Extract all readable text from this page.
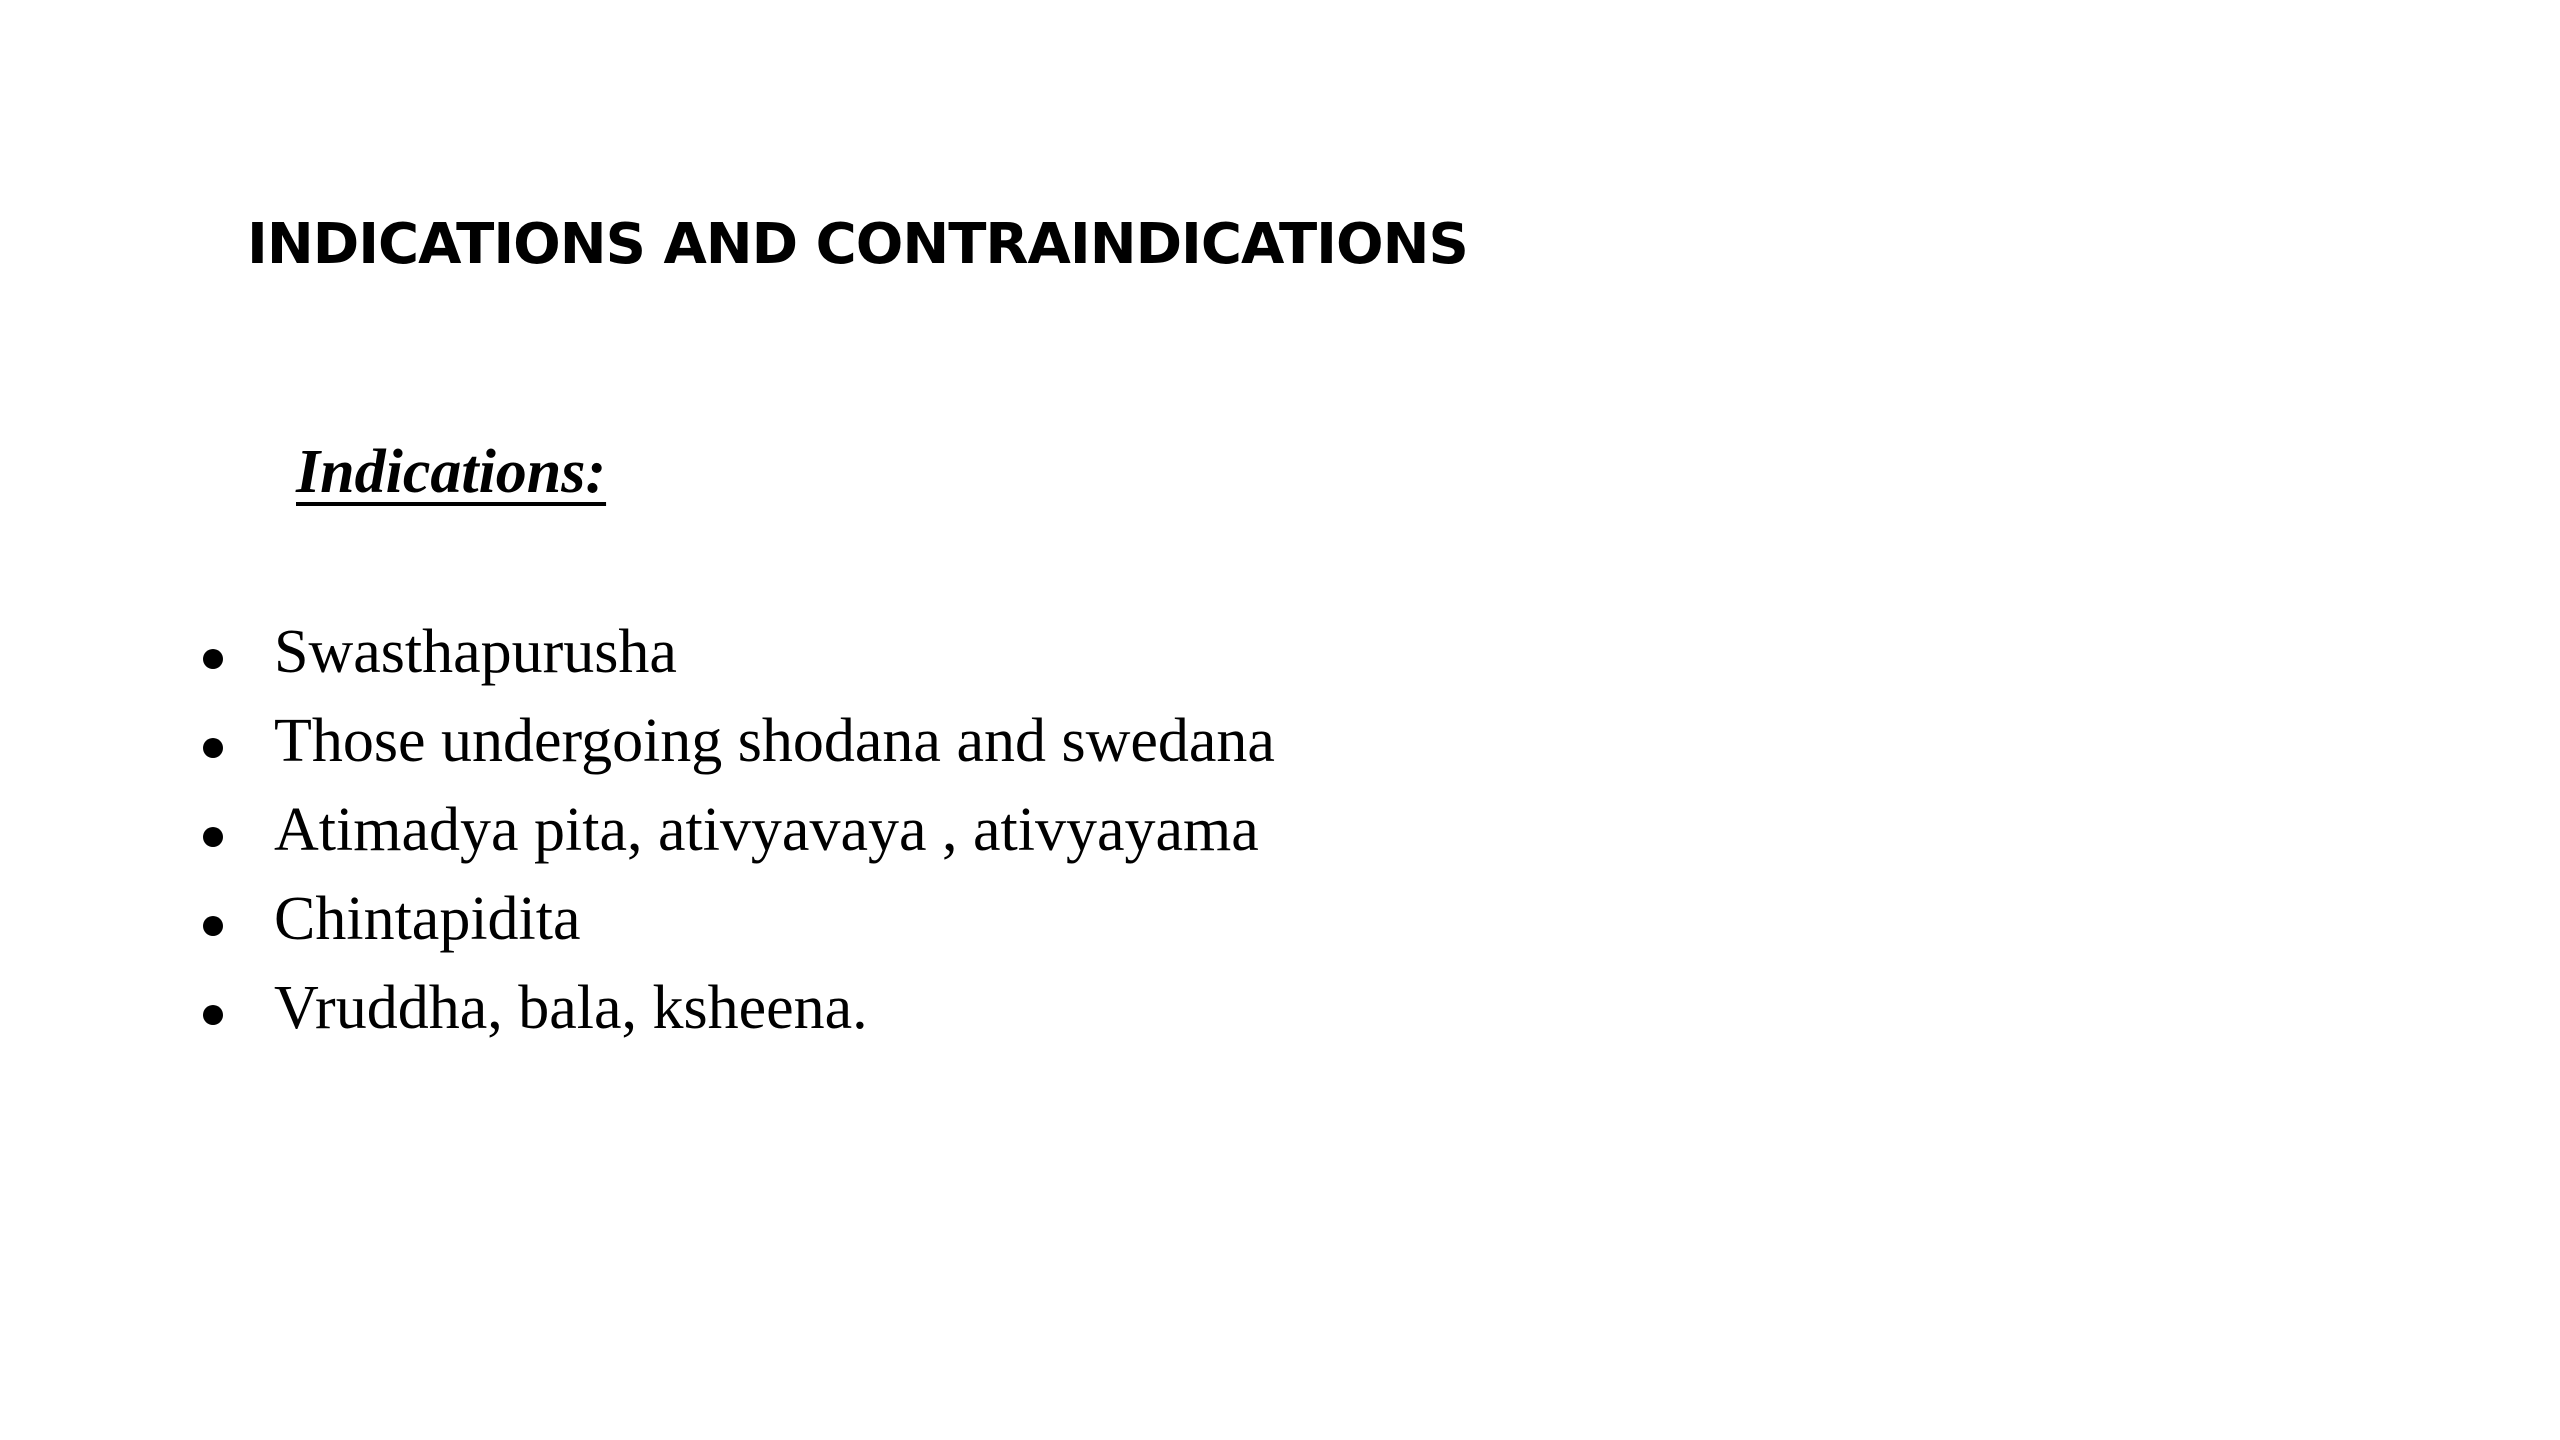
INDICATIONS AND CONTRAINDICATIONS
Indications:
Swasthapurusha
Those undergoing shodana and swedana
Atimadya pita, ativyavaya , ativyayama
Chintapidita
Vruddha, bala, ksheena.
